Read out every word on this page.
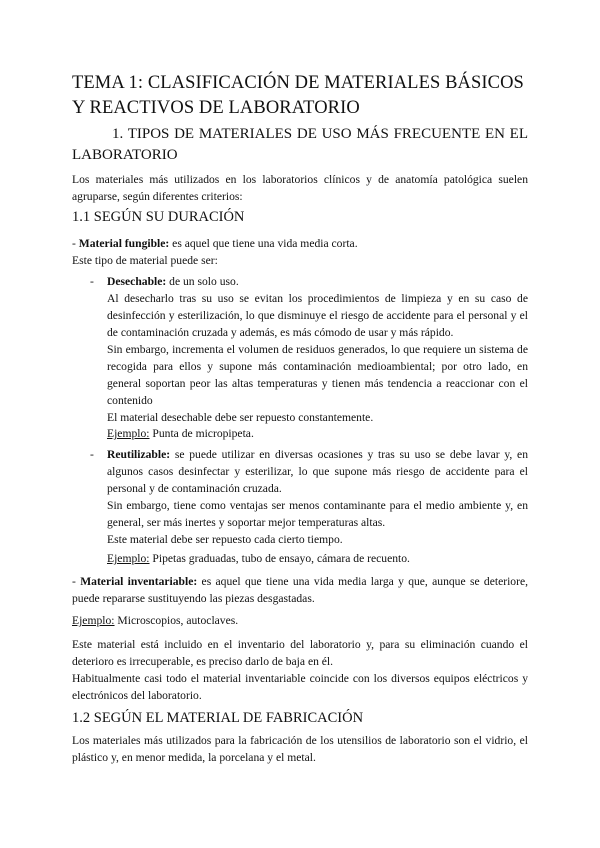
TEMA 1: CLASIFICACIÓN DE MATERIALES BÁSICOS Y REACTIVOS DE LABORATORIO
1. TIPOS DE MATERIALES DE USO MÁS FRECUENTE EN EL LABORATORIO

Los materiales más utilizados en los laboratorios clínicos y de anatomía patológica suelen agruparse, según diferentes criterios:

1.1 SEGÚN SU DURACIÓN
- Material fungible: es aquel que tiene una vida media corta.
Este tipo de material puede ser:
- Desechable: de un solo uso.
Al desecharlo tras su uso se evitan los procedimientos de limpieza y en su caso de desinfección y esterilización, lo que disminuye el riesgo de accidente para el personal y el de contaminación cruzada y además, es más cómodo de usar y más rápido.
Sin embargo, incrementa el volumen de residuos generados, lo que requiere un sistema de recogida para ellos y supone más contaminación medioambiental; por otro lado, en general soportan peor las altas temperaturas y tienen más tendencia a reaccionar con el contenido
El material desechable debe ser repuesto constantemente.
Ejemplo: Punta de micropipeta.
- Reutilizable: se puede utilizar en diversas ocasiones y tras su uso se debe lavar y, en algunos casos desinfectar y esterilizar, lo que supone más riesgo de accidente para el personal y de contaminación cruzada.
Sin embargo, tiene como ventajas ser menos contaminante para el medio ambiente y, en general, ser más inertes y soportar mejor temperaturas altas.
Este material debe ser repuesto cada cierto tiempo.
Ejemplo: Pipetas graduadas, tubo de ensayo, cámara de recuento.
- Material inventariable: es aquel que tiene una vida media larga y que, aunque se deteriore, puede repararse sustituyendo las piezas desgastadas.
Ejemplo: Microscopios, autoclaves.
Este material está incluido en el inventario del laboratorio y, para su eliminación cuando el deterioro es irrecuperable, es preciso darlo de baja en él.
Habitualmente casi todo el material inventariable coincide con los diversos equipos eléctricos y electrónicos del laboratorio.
1.2 SEGÚN EL MATERIAL DE FABRICACIÓN

Los materiales más utilizados para la fabricación de los utensilios de laboratorio son el vidrio, el plástico y, en menor medida, la porcelana y el metal.
